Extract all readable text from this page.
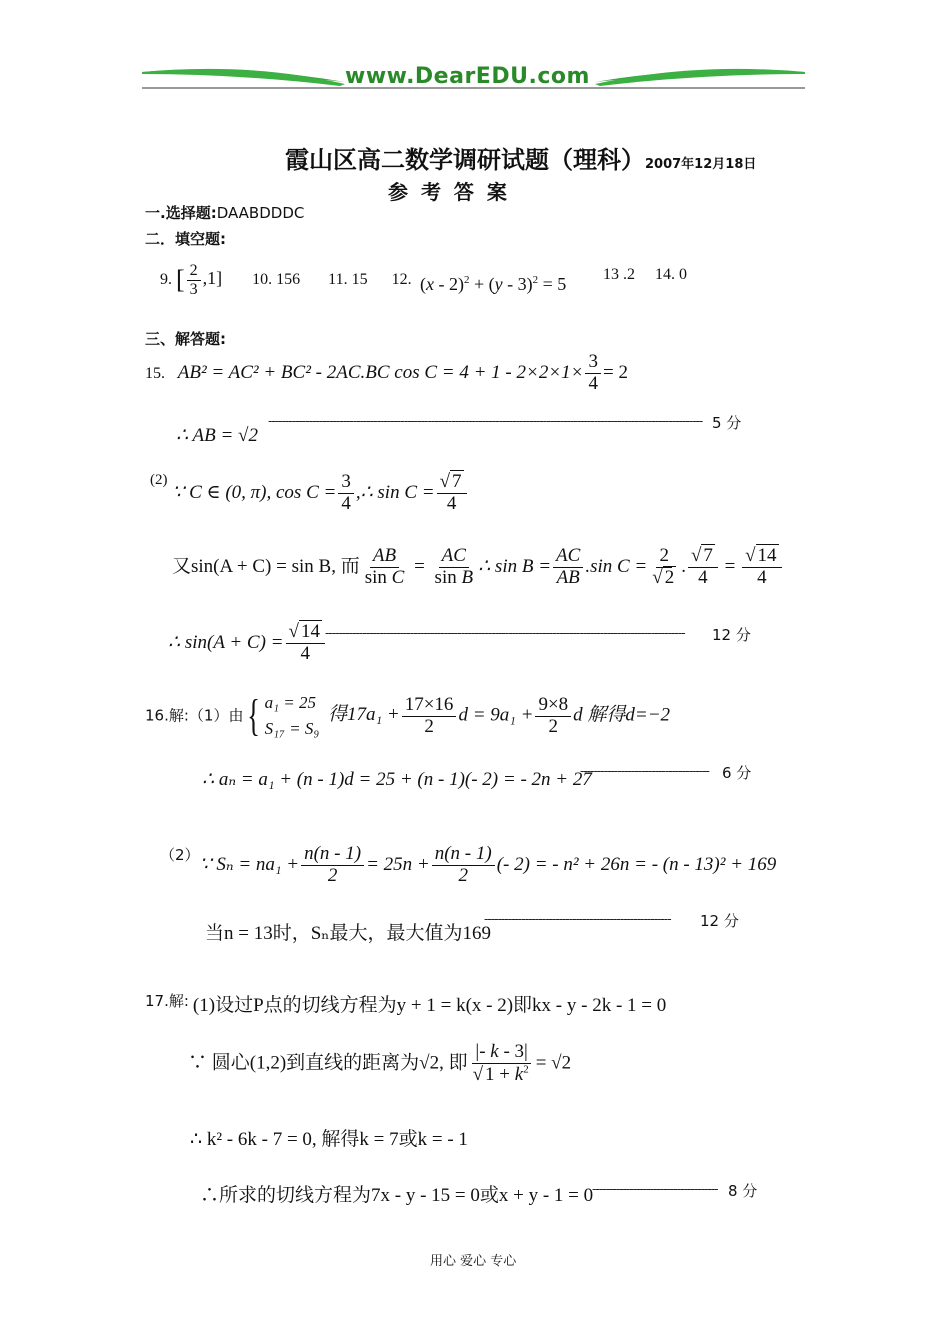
www.DearEDU.com
霞山区高二数学调研试题（理科）2007年12月18日
参 考 答 案
一.选择题:DAABDDDC
二．填空题:
9. [ $\frac{2}{3} ,1$] 10. 156 11. 15 12. (x - 2)$^2$ + (y - 3)$^2$ = 5 13 .2 14. 0
三、解答题:
15. AB² = AC² + BC² - 2AC.BC $\cos C = 4 + 1 - 2\times 2\times 1\times \frac{3}{4} = 2$
∴ AB = √2
-------------------------------------------------------------------------------------------------------------------------------- 5 分
$^{(2)}$ ∵ C ∈ (0, π), $\cos C = \frac{3}{4}$ ,∴ sin C = √ $\frac{7}{4}$
又sin(A + C) = sin B, 而 $\frac{AB}{\text{sin C}} = \frac{AC}{\text{sin B}}$ ∴ $\sin B = \frac{AC}{AB} .\sin$ C = 2
√ 2 . √ $\frac{7}{4}$ = √ $\frac{14}{4}$
∴ sin(A + C) = √ $\frac{14}{4}$ ----------------------------------------------------------------------------------------------------------	12 分
16.解:（1）由{ a₁ = 25
S₁₇ = S₉
得$17a_1 + \frac{17\times 16}{2}$ $d = 9a_1 + \frac{9\times 8}{2}$ d 解得d=−2
∴ aₙ = a₁ + (n - 1)d = 25 + (n - 1)(- 2) = - 2n + 27
-------------------------------------- 6 分
$^{(2)}$∵ $S_n = na_1 + \frac{n(n - 1)}{2} = 25n + \frac{n(n - 1)}{2}$ (- 2) = - n² + 26n = - (n - 13)² + 169
当n = 13时，Sₙ最大，最大值为169
-------------------------------------------------------	12 分
$^{17.解:}$ (1)设过P点的切线方程为y + 1 = k(x - 2)即kx - y - 2k - 1 = 0
∵ 圆心(1,2)到直线的距离为√2, 即 |- k - 3|
√ $1 + k^2 = √2$
∴ k² - 6k - 7 = 0, 解得k = 7或k = - 1
∴所求的切线方程为7x - y - 15 = 0或x + y - 1 = 0
------------------------------------- 8 分
用心 爱心 专心
